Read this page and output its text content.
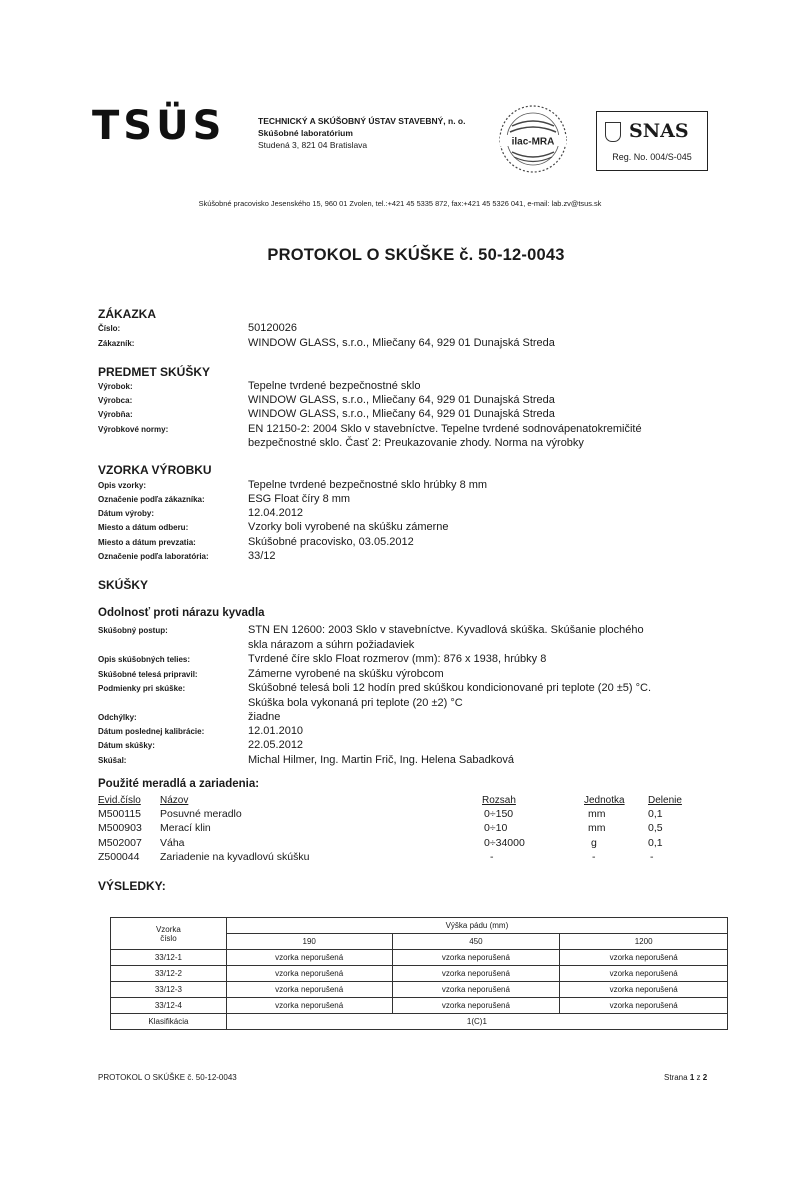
TSÜS	TECHNICKÝ A SKÚŠOBNÝ ÚSTAV STAVEBNÝ, n. o.
Skúšobné laboratórium
Studená 3, 821 04 Bratislava	ilac-MRA	SNAS
Reg. No. 004/S-045
Skúšobné pracovisko Jesenského 15, 960 01 Zvolen, tel.:+421 45 5335 872, fax:+421 45 5326 041, e-mail: lab.zv@tsus.sk
PROTOKOL O SKÚŠKE č. 50-12-0043
ZÁKAZKA
Číslo:	50120026
Zákazník:	WINDOW GLASS, s.r.o., Mliečany 64, 929 01 Dunajská Streda
PREDMET SKÚŠKY
Výrobok:	Tepelne tvrdené bezpečnostné sklo
Výrobca:	WINDOW GLASS, s.r.o., Mliečany 64, 929 01 Dunajská Streda
Výrobňa:	WINDOW GLASS, s.r.o., Mliečany 64, 929 01 Dunajská Streda
Výrobkové normy:	EN 12150-2: 2004 Sklo v stavebníctve. Tepelne tvrdené sodnovápenatokremičité
bezpečnostné sklo. Časť 2: Preukazovanie zhody. Norma na výrobky
VZORKA VÝROBKU
Opis vzorky:	Tepelne tvrdené bezpečnostné sklo hrúbky 8 mm
Označenie podľa zákazníka:	ESG Float číry 8 mm
Dátum výroby:	12.04.2012
Miesto a dátum odberu:	Vzorky boli vyrobené na skúšku zámerne
Miesto a dátum prevzatia:	Skúšobné pracovisko, 03.05.2012
Označenie podľa laboratória:	33/12
SKÚŠKY
Odolnosť proti nárazu kyvadla
Skúšobný postup:	STN EN 12600: 2003 Sklo v stavebníctve. Kyvadlová skúška. Skúšanie plochého
skla nárazom a súhrn požiadaviek
Opis skúšobných telies:	Tvrdené číre sklo Float rozmerov (mm): 876 x 1938, hrúbky 8
Skúšobné telesá pripravil:	Zámerne vyrobené na skúšku výrobcom
Podmienky pri skúške:	Skúšobné telesá boli 12 hodín pred skúškou kondicionované pri teplote (20 ±5) °C.
Skúška bola vykonaná pri teplote (20 ±2) °C
Odchýlky:	žiadne
Dátum poslednej kalibrácie:	12.01.2010
Dátum skúšky:	22.05.2012
Skúšal:	Michal Hilmer, Ing. Martin Frič, Ing. Helena Sabadková
Použité meradlá a zariadenia:
Evid.číslo Názov	Rozsah	Jednotka Delenie
M500115 Posuvné meradlo	0÷150	mm	0,1
M500903 Merací klin	0÷10	mm	0,5
M502007 Váha	0÷34000	g	0,1
Z500044 Zariadenie na kyvadlovú skúšku	-	-	-
VÝSLEDKY:
Vzorka
číslo	Výška pádu (mm)		
	190	450	1200
33/12-1	vzorka neporušená	vzorka neporušená	vzorka neporušená
33/12-2	vzorka neporušená	vzorka neporušená	vzorka neporušená
33/12-3	vzorka neporušená	vzorka neporušená	vzorka neporušená
33/12-4	vzorka neporušená	vzorka neporušená	vzorka neporušená
Klasifikácia	1(C)1		
PROTOKOL O SKÚŠKE č. 50-12-0043	Strana 1 z 2
